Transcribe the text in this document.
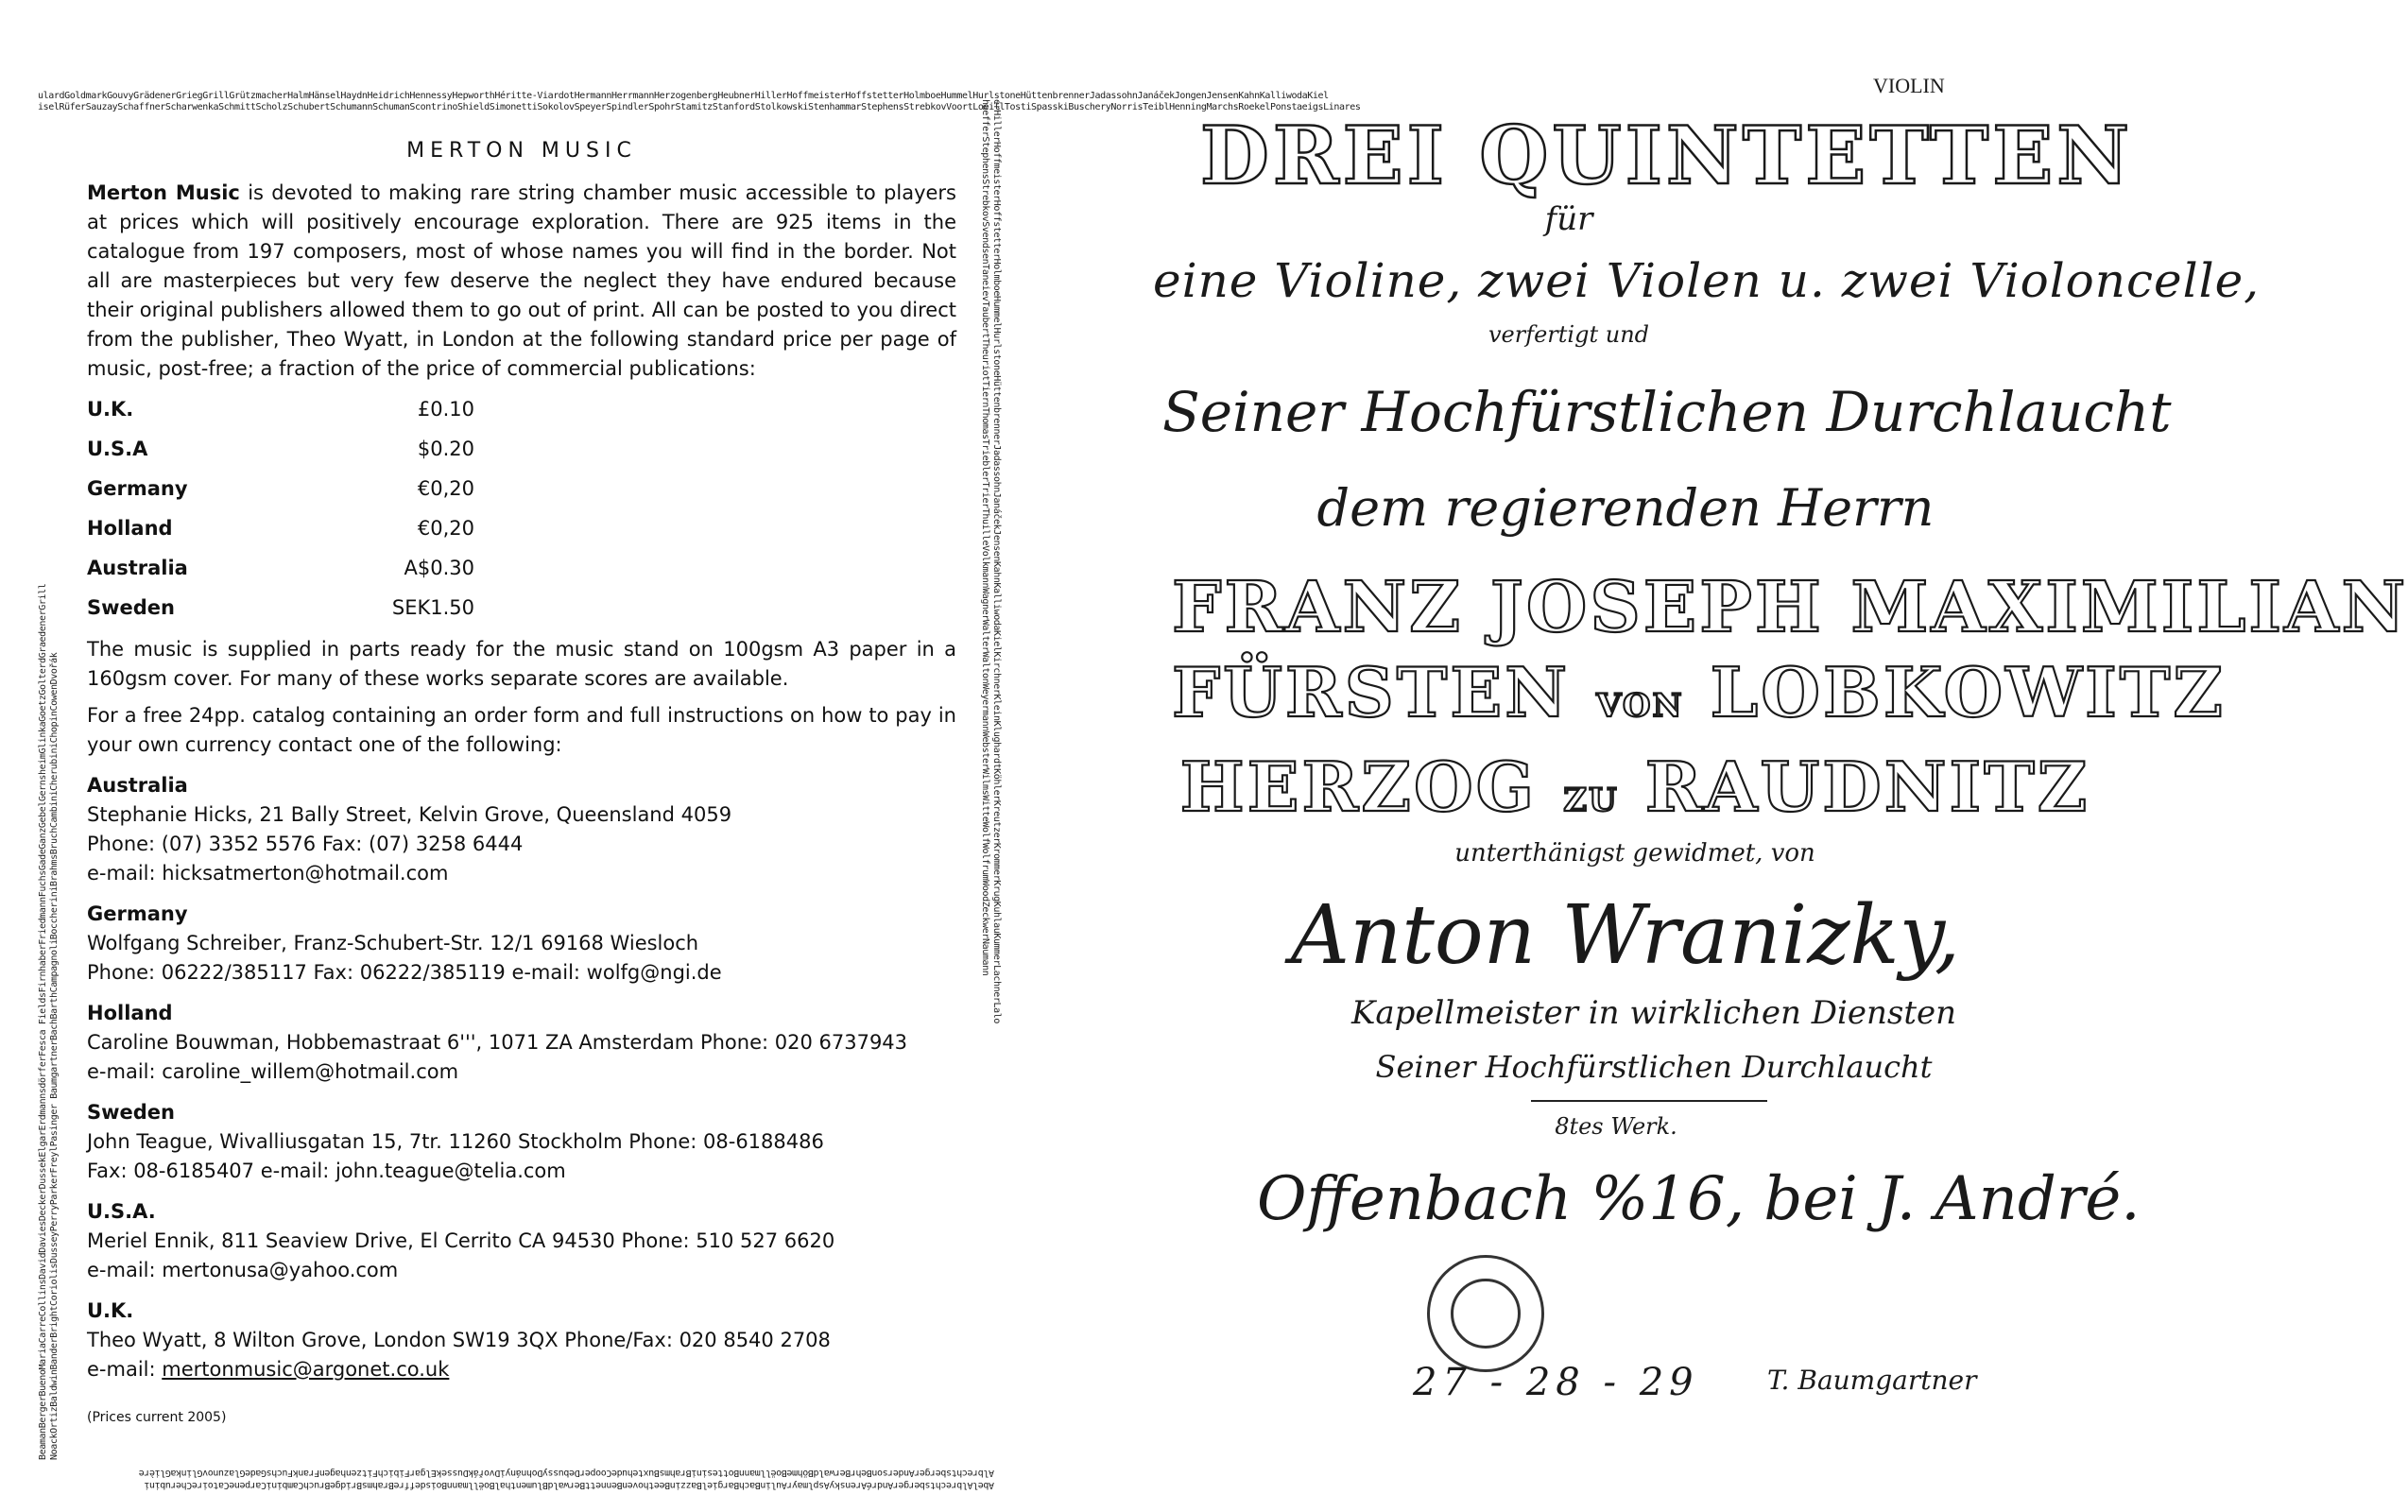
ulardGoldmarkGouvyGrädenerGriegGrillGrützmacherHalmHänselHaydnHeidrichHennessyHepworthHéritte-ViardotHermannHerrmannHerzogenbergHeubnerHillerHoffmeisterHoffstetterHolmboeHummelHurlstoneHüttenbrennerJadassohnJanáčekJongenJensenKahnKalliwodaKiel
iselRüferSauzaySchaffnerScharwenkaSchmittScholzSchubertSchumannSchumanScontrinoShieldSimonettiSokolovSpeyerSpindlerSpohrStamitzStanfordStolkowskiStenhammarStephensStrebkovVoortLoeillTostiSpasskiBuscheryNorrisTeiblHenningMarchsRoekelPonstaeigsLinares
erHillerHoffmeisterHoffstetterHolmboeHummelHurlstoneHüttenbrennerJadassohnJanáčekJensenKahnKalliwodaKielKirchnerKleinKlughardtKöhlerKreutzerKrommerKrugKuhlauKummerLachnerLalo
haefferStephensStrebkovSvendsenTaneievTaubertTheuriotTiernThomasTrieblerTrierThuilleVolkmannWagnerWalterWaltonWeyermannWebsterWilmsWitteWolfWolfrumWoodZeckwerNaumann
BeamanBergerBuenoMariaCarreCollinsDavidDaviesDeckerDussekElgarErdmannsdörferFesca FieldsFirnhaberFriedmannFuchsGadeGanzGebelGernsheimGlinkaGoetzGolterdGraedenerGrill NoackOrtizBaldwinBanderBrightCoriolisDusseyPerryParkerFreylPasinger BaumgartnerBachBarthCampagnoliBoccheriniBrahmsBruchCambiniCherubiniChopinCowenDvořák
AbelAlbrechtsbergerAndréArenskyAsplmayrAulinBachBargielBazzinBeethovenBennettBerwaldBlumenthalBoëllmannBoisdeffreBrahmsBridgeBruchCambiniCarpeneCatoireCherubini
AlbrechtsbergerAndersonBehrBerwaldBöhmeBoëllmannBottesiniBrahmsBuxtehudeCooperDebussyDohnányiDvořákDussekElgarFibichFitzenhagenFrankFuchsGadeGlazunovGlinkaGlière
MERTON MUSIC

Merton Music is devoted to making rare string chamber music accessible to players at prices which will positively encourage exploration. There are 925 items in the catalogue from 197 composers, most of whose names you will find in the border. Not all are masterpieces but very few deserve the neglect they have endured because their original publishers allowed them to go out of print. All can be posted to you direct from the publisher, Theo Wyatt, in London at the following standard price per page of music, post-free; a fraction of the price of commercial publications:

U.K.	£0.10
U.S.A	$0.20
Germany	€0,20
Holland	€0,20
Australia	A$0.30
Sweden	SEK1.50

The music is supplied in parts ready for the music stand on 100gsm A3 paper in a 160gsm cover. For many of these works separate scores are available.

For a free 24pp. catalog containing an order form and full instructions on how to pay in your own currency contact one of the following:

Australia
Stephanie Hicks, 21 Bally Street, Kelvin Grove, Queensland 4059
Phone: (07) 3352 5576 Fax: (07) 3258 6444
e-mail: hicksatmerton@hotmail.com
Germany
Wolfgang Schreiber, Franz-Schubert-Str. 12/1 69168 Wiesloch
Phone: 06222/385117 Fax: 06222/385119 e-mail: wolfg@ngi.de
Holland
Caroline Bouwman, Hobbemastraat 6''', 1071 ZA Amsterdam Phone: 020 6737943
e-mail: caroline_willem@hotmail.com
Sweden
John Teague, Wivalliusgatan 15, 7tr. 11260 Stockholm Phone: 08-6188486
Fax: 08-6185407 e-mail: john.teague@telia.com
U.S.A.
Meriel Ennik, 811 Seaview Drive, El Cerrito CA 94530 Phone: 510 527 6620
e-mail: mertonusa@yahoo.com
U.K.
Theo Wyatt, 8 Wilton Grove, London SW19 3QX Phone/Fax: 020 8540 2708
e-mail: mertonmusic@argonet.co.uk
(Prices current 2005)
VIOLIN
DREI QUINTETTEN
für
eine Violine, zwei Violen u. zwei Violoncelle,
verfertigt und
Seiner Hochfürstlichen Durchlaucht
dem regierenden Herrn
FRANZ JOSEPH MAXIMILIAN
FÜRSTEN VON LOBKOWITZ
HERZOG ZU RAUDNITZ
unterthänigst gewidmet, von
Anton Wranizky,
Kapellmeister in wirklichen Diensten
Seiner Hochfürstlichen Durchlaucht
8tes Werk.
Offenbach %16, bei J. André.
27 - 28 - 29	T. Baumgartner
